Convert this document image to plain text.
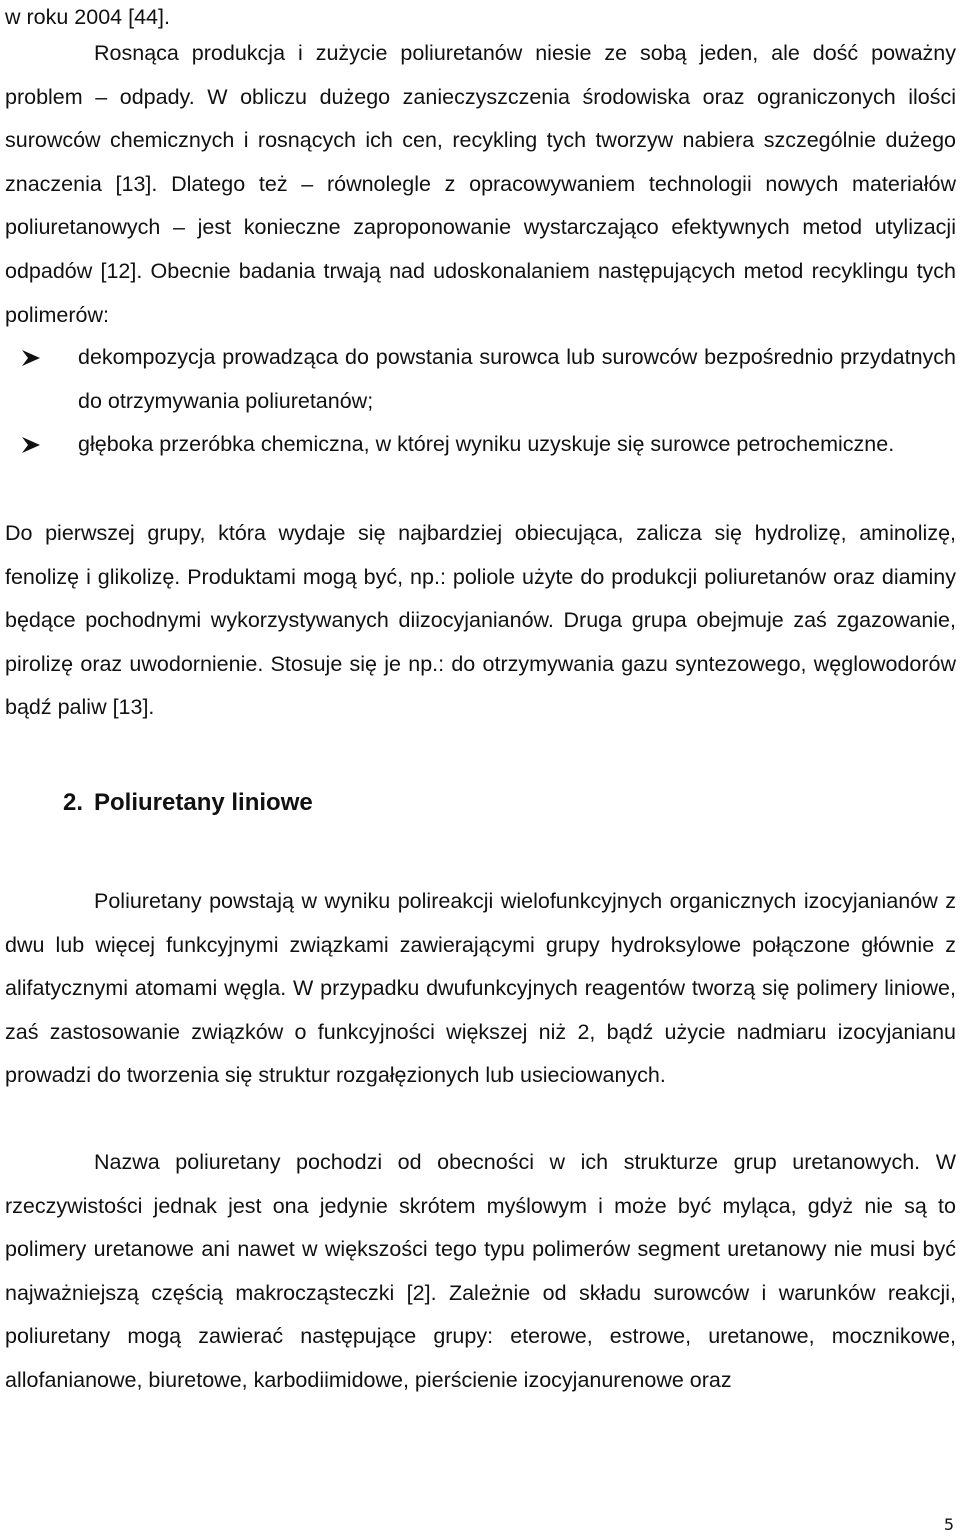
w roku 2004 [44].

Rosnąca produkcja i zużycie poliuretanów niesie ze sobą jeden, ale dość poważny problem – odpady. W obliczu dużego zanieczyszczenia środowiska oraz ograniczonych ilości surowców chemicznych i rosnących ich cen, recykling tych tworzyw nabiera szczególnie dużego znaczenia [13]. Dlatego też – równolegle z opracowywaniem technologii nowych materiałów poliuretanowych – jest konieczne zaproponowanie wystarczająco efektywnych metod utylizacji odpadów [12]. Obecnie badania trwają nad udoskonalaniem następujących metod recyklingu tych polimerów:

dekompozycja prowadząca do powstania surowca lub surowców bezpośrednio przydatnych do otrzymywania poliuretanów;
głęboka przeróbka chemiczna, w której wyniku uzyskuje się surowce petrochemiczne.

Do pierwszej grupy, która wydaje się najbardziej obiecująca, zalicza się hydrolizę, aminolizę, fenolizę i glikolizę. Produktami mogą być, np.: poliole użyte do produkcji poliuretanów oraz diaminy będące pochodnymi wykorzystywanych diizocyjanianów. Druga grupa obejmuje zaś zgazowanie, pirolizę oraz uwodornienie. Stosuje się je np.: do otrzymywania gazu syntezowego, węglowodorów bądź paliw [13].

2. Poliuretany liniowe

Poliuretany powstają w wyniku polireakcji wielofunkcyjnych organicznych izocyjanianów z dwu lub więcej funkcyjnymi związkami zawierającymi grupy hydroksylowe połączone głównie z alifatycznymi atomami węgla. W przypadku dwufunkcyjnych reagentów tworzą się polimery liniowe, zaś zastosowanie związków o funkcyjności większej niż 2, bądź użycie nadmiaru izocyjanianu prowadzi do tworzenia się struktur rozgałęzionych lub usieciowanych.

Nazwa poliuretany pochodzi od obecności w ich strukturze grup uretanowych. W rzeczywistości jednak jest ona jedynie skrótem myślowym i może być myląca, gdyż nie są to polimery uretanowe ani nawet w większości tego typu polimerów segment uretanowy nie musi być najważniejszą częścią makrocząsteczki [2]. Zależnie od składu surowców i warunków reakcji, poliuretany mogą zawierać następujące grupy: eterowe, estrowe, uretanowe, mocznikowe, allofanianowe, biuretowe, karbodiimidowe, pierścienie izocyjanurenowe oraz

5
